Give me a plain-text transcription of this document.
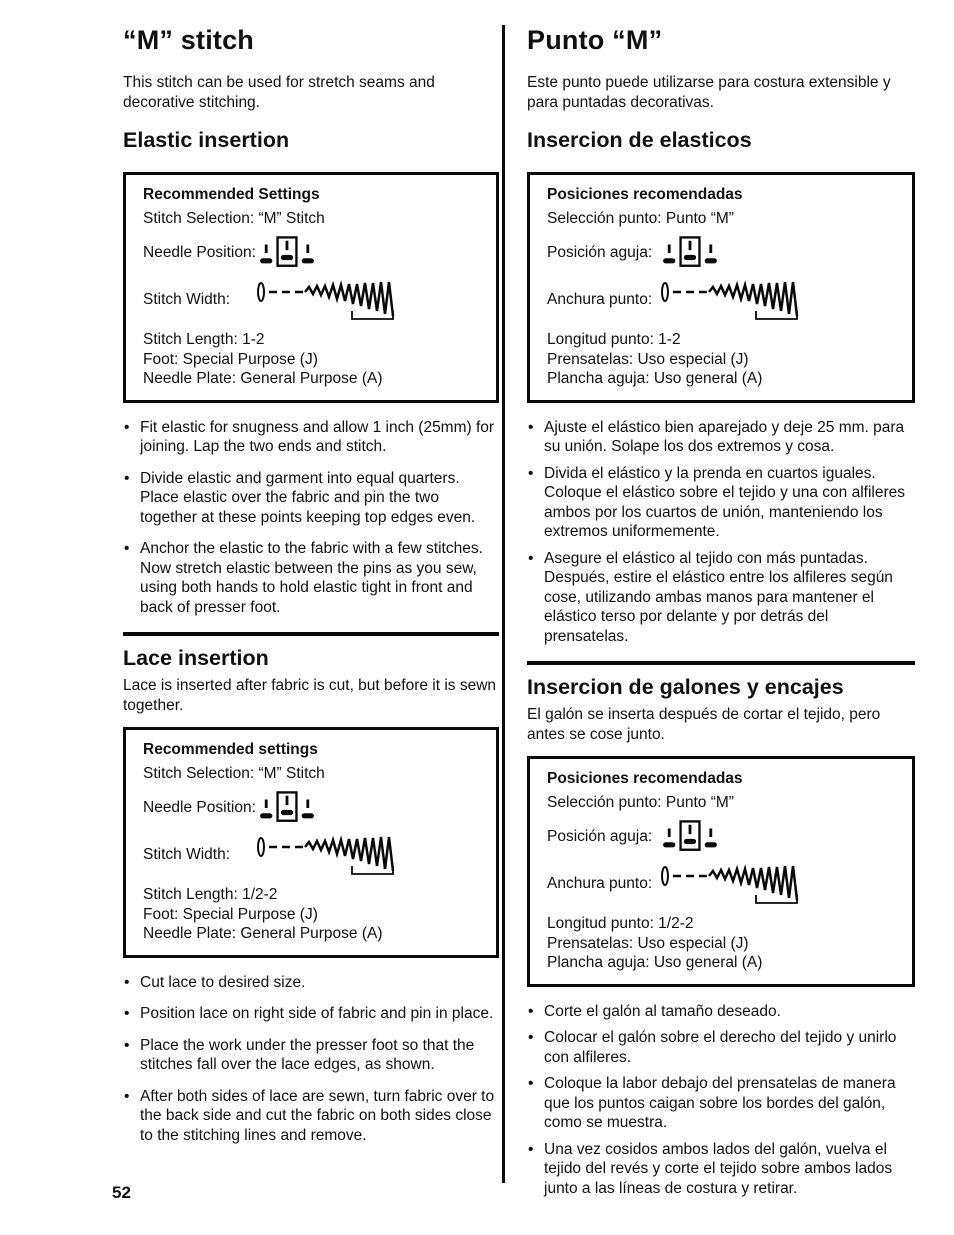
“M” stitch

This stitch can be used for stretch seams and decorative stitching.

Elastic insertion
Recommended Settings
Stitch Selection: “M” Stitch
Needle Position:
Stitch Width:
Stitch Length: 1-2
Foot: Special Purpose (J)
Needle Plate: General Purpose (A)
• Fit elastic for snugness and allow 1 inch (25mm) for joining. Lap the two ends and stitch.
• Divide elastic and garment into equal quarters. Place elastic over the fabric and pin the two together at these points keeping top edges even.
• Anchor the elastic to the fabric with a few stitches. Now stretch elastic between the pins as you sew, using both hands to hold elastic tight in front and back of presser foot.
Lace insertion

Lace is inserted after fabric is cut, but before it is sewn together.

Recommended settings
Stitch Selection: “M” Stitch
Needle Position:
Stitch Width:
Stitch Length: 1/2-2
Foot: Special Purpose (J)
Needle Plate: General Purpose (A)
• Cut lace to desired size.
• Position lace on right side of fabric and pin in place.
• Place the work under the presser foot so that the stitches fall over the lace edges, as shown.
• After both sides of lace are sewn, turn fabric over to the back side and cut the fabric on both sides close to the stitching lines and remove.
Punto “M”

Este punto puede utilizarse para costura extensible y para puntadas decorativas.

Insercion de elasticos
Posiciones recomendadas
Selección punto: Punto “M”
Posición aguja:
Anchura punto:
Longitud punto: 1-2
Prensatelas: Uso especial (J)
Plancha aguja: Uso general (A)
• Ajuste el elástico bien aparejado y deje 25 mm. para su unión. Solape los dos extremos y cosa.
• Divida el elástico y la prenda en cuartos iguales. Coloque el elástico sobre el tejido y una con alfileres ambos por los cuartos de unión, manteniendo los extremos uniformemente.
• Asegure el elástico al tejido con más puntadas. Después, estire el elástico entre los alfileres según cose, utilizando ambas manos para mantener el elástico terso por delante y por detrás del prensatelas.
Insercion de galones y encajes

El galón se inserta después de cortar el tejido, pero antes se cose junto.

Posiciones recomendadas
Selección punto: Punto “M”
Posición aguja:
Anchura punto:
Longitud punto: 1/2-2
Prensatelas: Uso especial (J)
Plancha aguja: Uso general (A)
• Corte el galón al tamaño deseado.
• Colocar el galón sobre el derecho del tejido y unirlo con alfileres.
• Coloque la labor debajo del prensatelas de manera que los puntos caigan sobre los bordes del galón, como se muestra.
• Una vez cosidos ambos lados del galón, vuelva el tejido del revés y corte el tejido sobre ambos lados junto a las líneas de costura y retirar.
52
